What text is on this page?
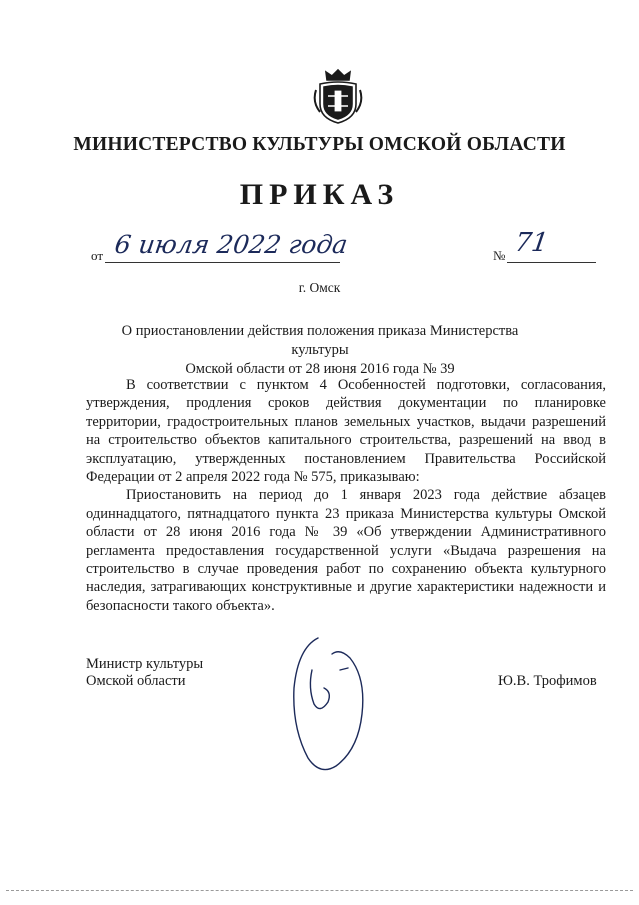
МИНИСТЕРСТВО КУЛЬТУРЫ ОМСКОЙ ОБЛАСТИ
ПРИКАЗ
от 6 июля 2022 года	№ 71
г. Омск
О приостановлении действия положения приказа Министерства культуры
Омской области от 28 июня 2016 года № 39

В соответствии с пунктом 4 Особенностей подготовки, согласования, утверждения, продления сроков действия документации по планировке территории, градостроительных планов земельных участков, выдачи разрешений на строительство объектов капитального строительства, разрешений на ввод в эксплуатацию, утвержденных постановлением Правительства Российской Федерации от 2 апреля 2022 года № 575, приказываю:

Приостановить на период до 1 января 2023 года действие абзацев одиннадцатого, пятнадцатого пункта 23 приказа Министерства культуры Омской области от 28 июня 2016 года № 39 «Об утверждении Административного регламента предоставления государственной услуги «Выдача разрешения на строительство в случае проведения работ по сохранению объекта культурного наследия, затрагивающих конструктивные и другие характеристики надежности и безопасности такого объекта».

Министр культуры
Омской области	Ю.В. Трофимов
